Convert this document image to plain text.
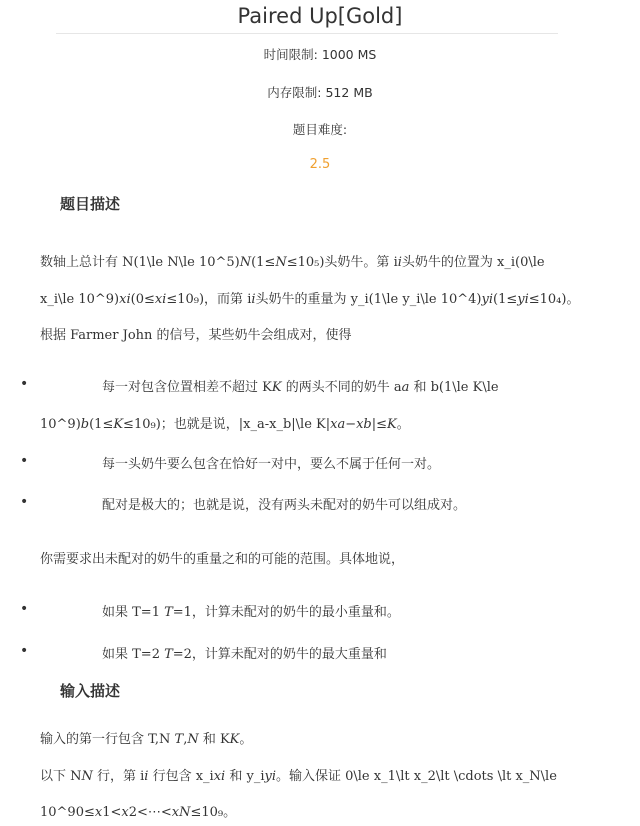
Paired Up[Gold]
时间限制: 1000 MS
内存限制: 512 MB
题目难度:
2.5
题目描述
数轴上总计有 N(1\le N\le 10^5)𝑁(1≤𝑁≤10₅)头奶牛。第 i𝑖头奶牛的位置为 x_i(0\le
x_i\le 10^9)𝑥𝑖(0≤𝑥𝑖≤10₉)，而第 i𝑖头奶牛的重量为 y_i(1\le y_i\le 10^4)𝑦𝑖(1≤𝑦𝑖≤10₄)。
根据 Farmer John 的信号，某些奶牛会组成对，使得
•	每一对包含位置相差不超过 K𝐾 的两头不同的奶牛 a𝑎 和 b(1\le K\le
10^9)𝑏(1≤𝐾≤10₉)；也就是说，|x_a-x_b|\le K|𝑥𝑎−𝑥𝑏|≤𝐾。
•	每一头奶牛要么包含在恰好一对中，要么不属于任何一对。
•	配对是极大的；也就是说，没有两头未配对的奶牛可以组成对。
你需要求出未配对的奶牛的重量之和的可能的范围。具体地说，
•	如果 T=1 𝑇=1，计算未配对的奶牛的最小重量和。
•	如果 T=2 𝑇=2，计算未配对的奶牛的最大重量和
输入描述
输入的第一行包含 T,N 𝑇,𝑁 和 K𝐾。
以下 N𝑁 行，第 i𝑖 行包含 x_i𝑥𝑖 和 y_i𝑦𝑖。输入保证 0\le x_1\lt x_2\lt \cdots \lt x_N\le
10^90≤𝑥1<𝑥2<⋯<𝑥𝑁≤10₉。
